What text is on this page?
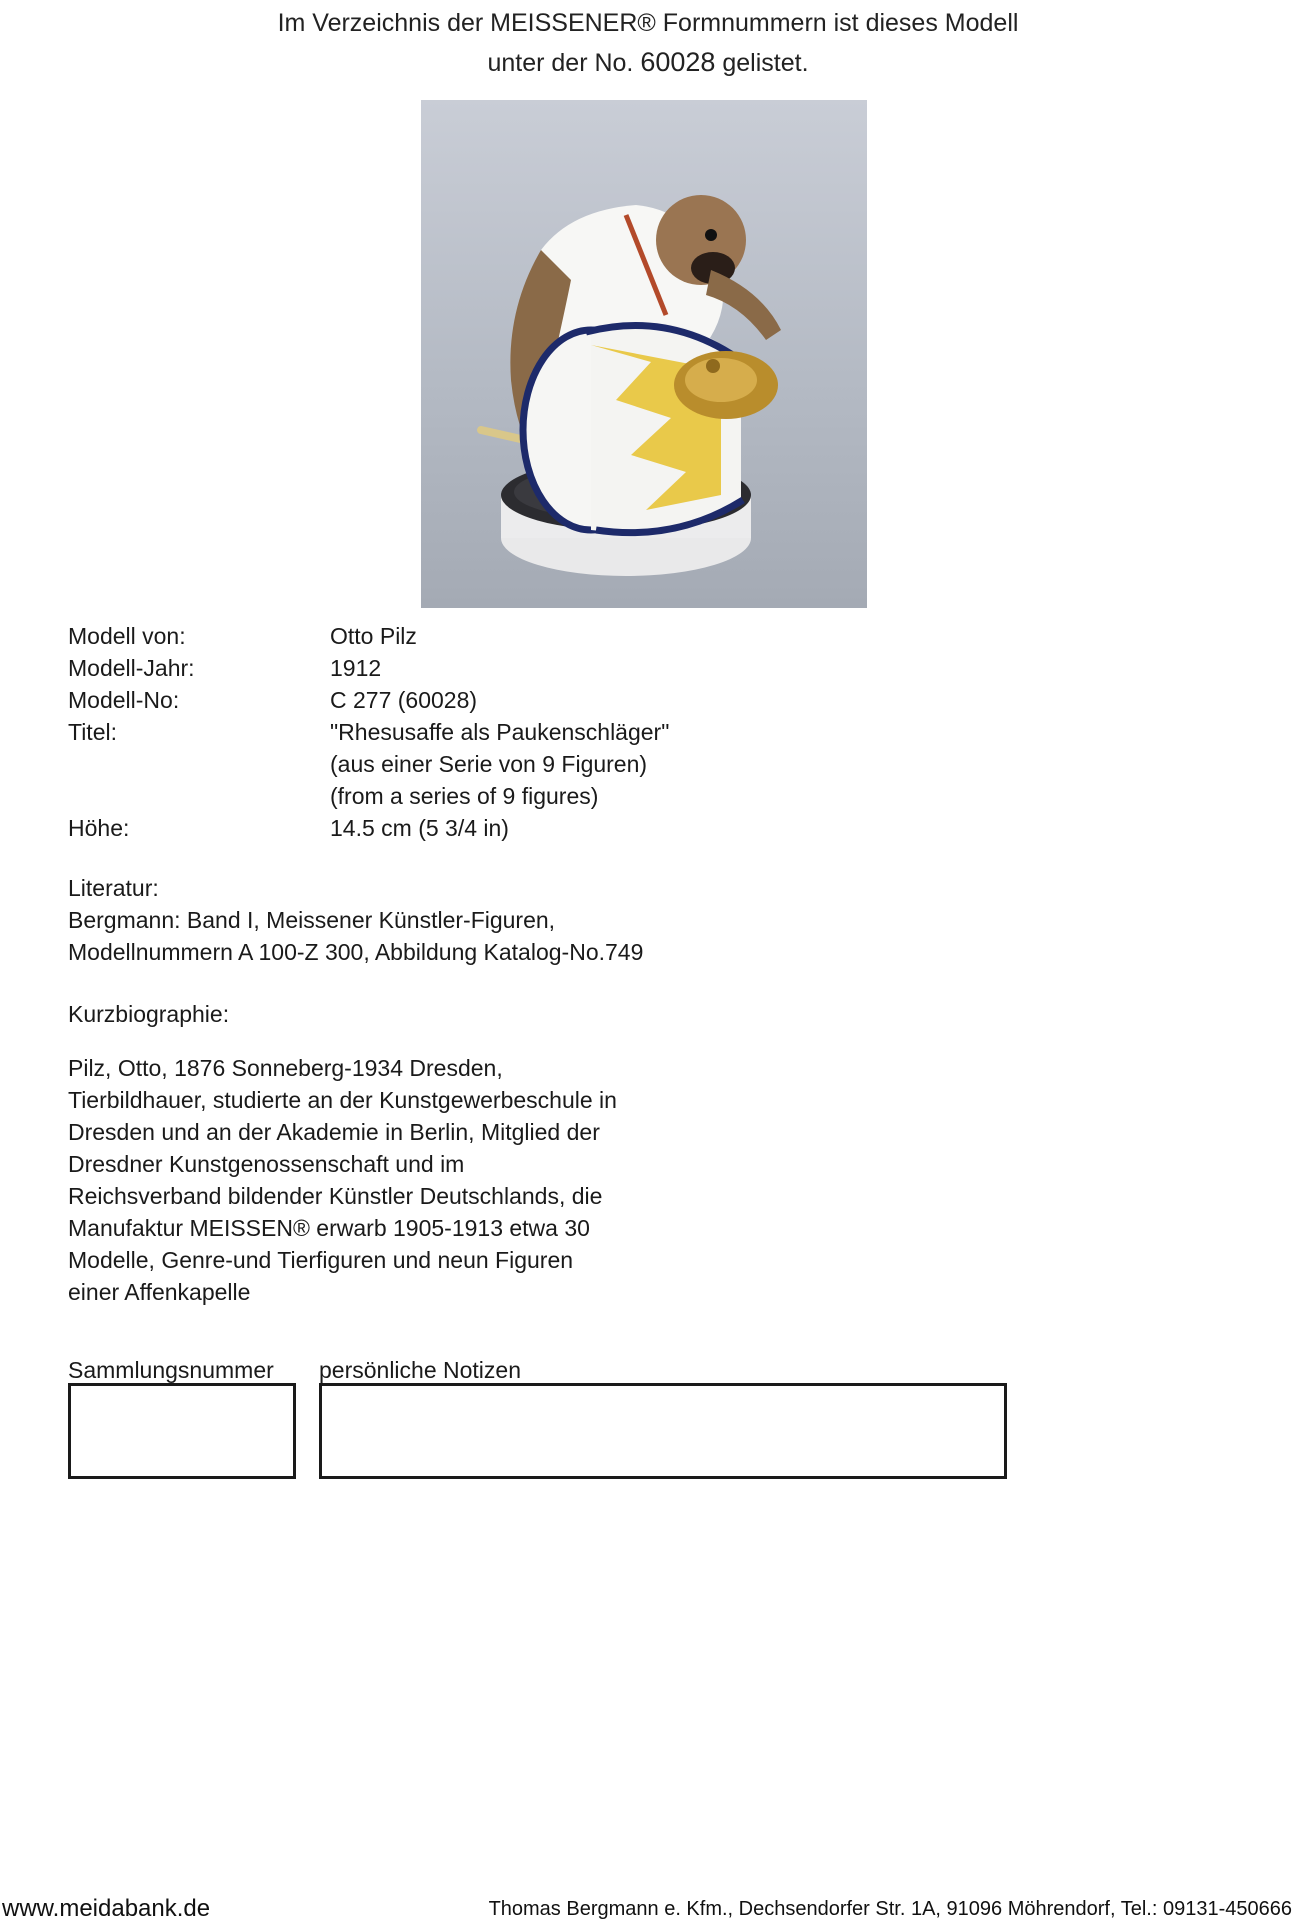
Im Verzeichnis der MEISSENER® Formnummern ist dieses Modell
unter der No. 60028 gelistet.
Modell von:	Otto Pilz
Modell-Jahr:	1912
Modell-No:	C 277 (60028)
Titel:	"Rhesusaffe als Paukenschläger"
(aus einer Serie von 9 Figuren)
(from a series of 9 figures)
Höhe:	14.5 cm (5 3/4 in)
Literatur:
Bergmann: Band I, Meissener Künstler-Figuren,
Modellnummern A 100-Z 300, Abbildung Katalog-No.749
Kurzbiographie:
Pilz, Otto, 1876 Sonneberg-1934 Dresden,
Tierbildhauer, studierte an der Kunstgewerbeschule in
Dresden und an der Akademie in Berlin, Mitglied der
Dresdner Kunstgenossenschaft und im
Reichsverband bildender Künstler Deutschlands, die
Manufaktur MEISSEN® erwarb 1905-1913 etwa 30
Modelle, Genre-und Tierfiguren und neun Figuren
einer Affenkapelle
Sammlungsnummer persönliche Notizen
www.meidabank.de	Thomas Bergmann e. Kfm., Dechsendorfer Str. 1A, 91096 Möhrendorf, Tel.: 09131-450666
